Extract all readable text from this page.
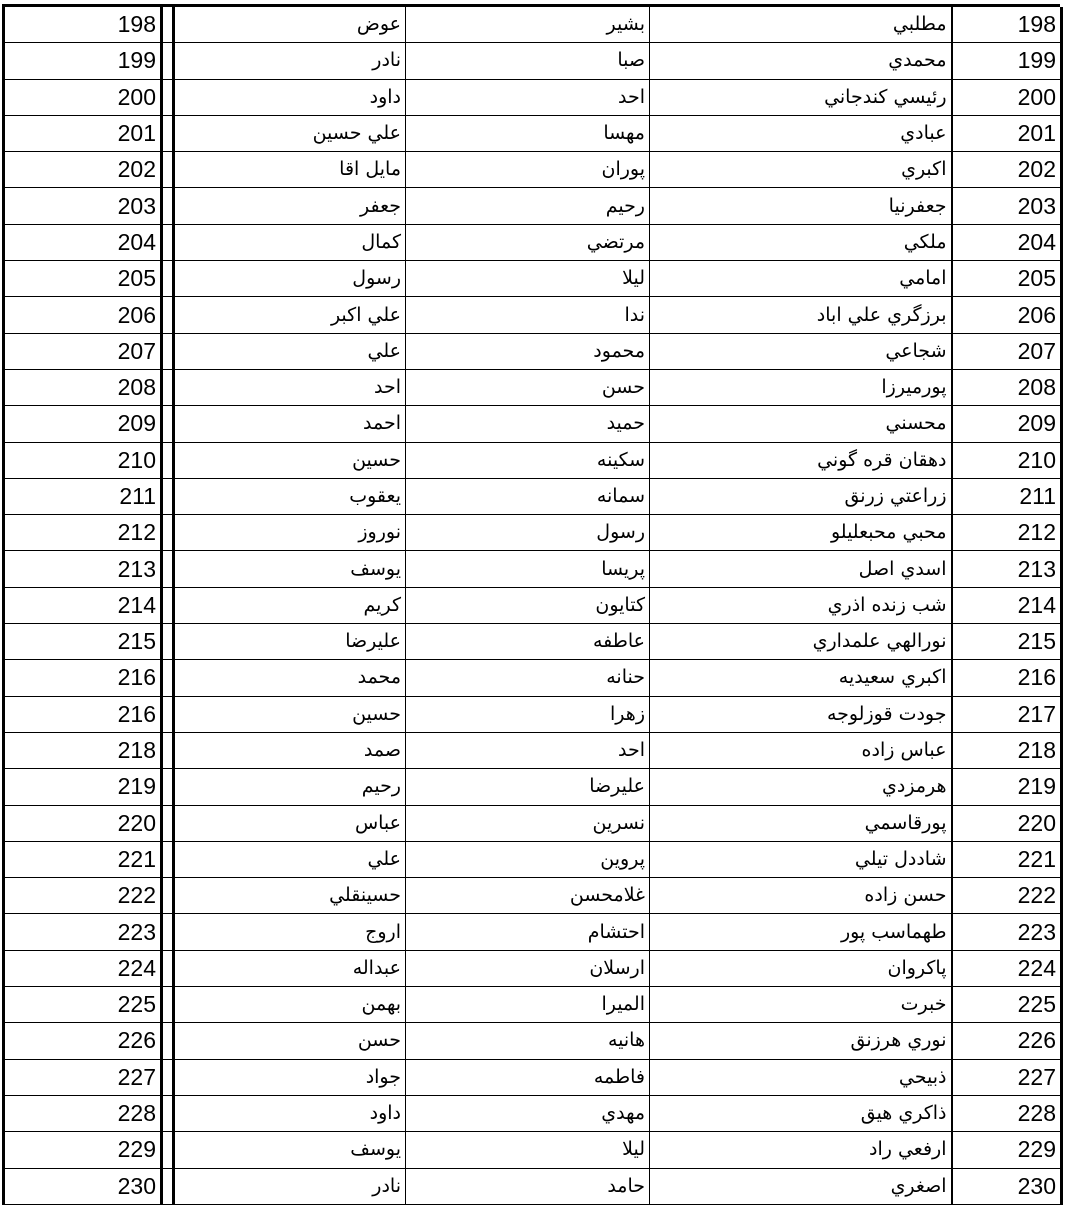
198		عوض	بشیر	مطلبي	198
199		نادر	صبا	محمدي	199
200		داود	احد	رئیسي كندجاني	200
201		علي حسين	مهسا	عبادي	201
202		مايل اقا	پوران	اكبري	202
203		جعفر	رحيم	جعفرنيا	203
204		كمال	مرتضي	ملكي	204
205		رسول	ليلا	امامي	205
206		علي اكبر	ندا	برزگري علي اباد	206
207		علي	محمود	شجاعي	207
208		احد	حسن	پورميرزا	208
209		احمد	حميد	محسني	209
210		حسين	سكينه	دهقان قره گوني	210
211		يعقوب	سمانه	زراعتي زرنق	211
212		نوروز	رسول	محبي محبعليلو	212
213		يوسف	پريسا	اسدي اصل	213
214		كريم	كتايون	شب زنده اذري	214
215		عليرضا	عاطفه	نورالهي علمداري	215
216		محمد	حنانه	اكبري سعيديه	216
216		حسين	زهرا	جودت قوزلوجه	217
218		صمد	احد	عباس زاده	218
219		رحيم	عليرضا	هرمزدي	219
220		عباس	نسرين	پورقاسمي	220
221		علي	پروين	شاددل تيلي	221
222		حسينقلي	غلامحسن	حسن زاده	222
223		اروج	احتشام	طهماسب پور	223
224		عبداله	ارسلان	پاكروان	224
225		بهمن	الميرا	خبرت	225
226		حسن	هانيه	نوري هرزنق	226
227		جواد	فاطمه	ذبيحي	227
228		داود	مهدي	ذاكري هيق	228
229		يوسف	ليلا	ارفعي راد	229
230		نادر	حامد	اصغري	230
